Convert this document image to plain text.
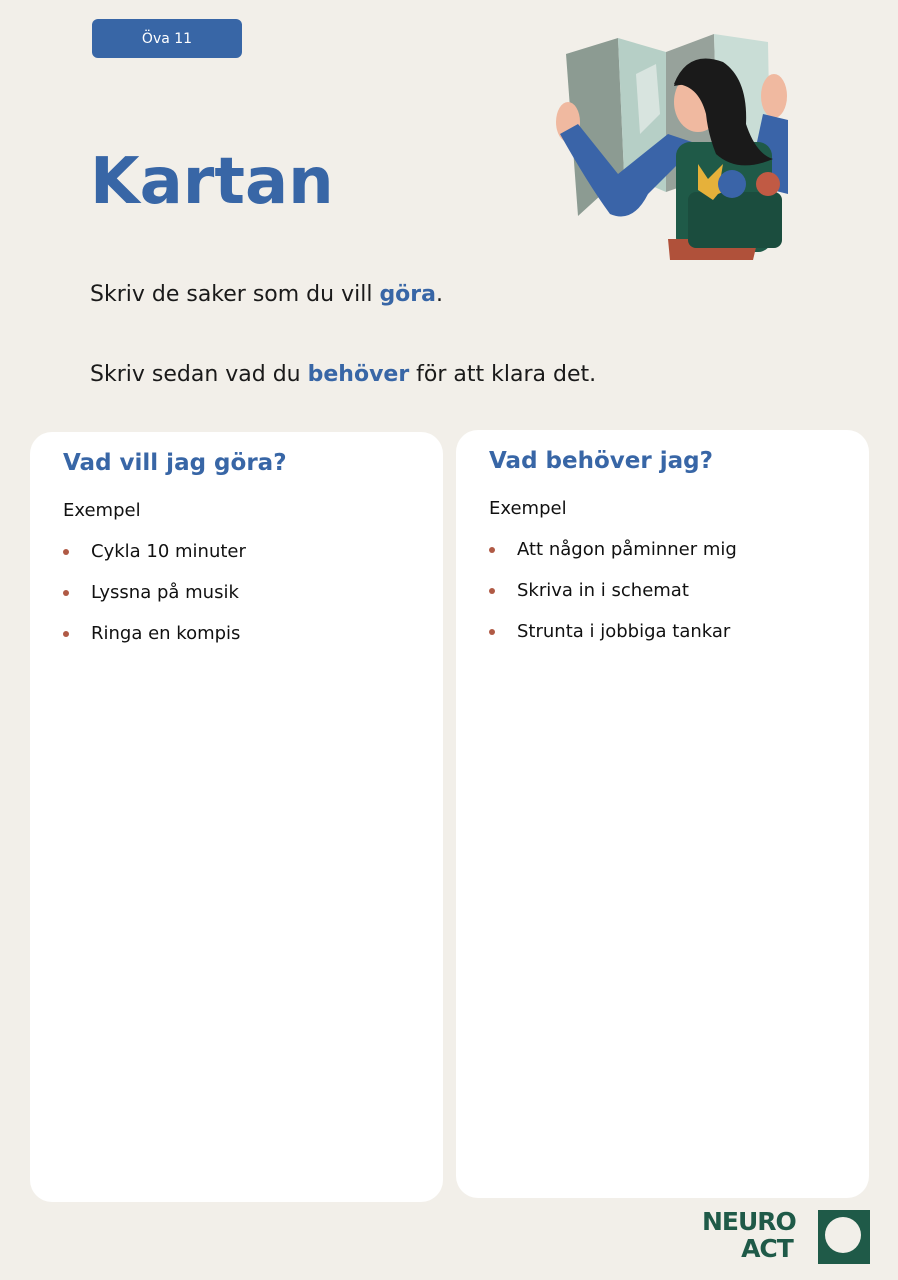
Öva 11
Kartan

Skriv de saker som du vill göra.

Skriv sedan vad du behöver för att klara det.

Vad vill jag göra?
Exempel
Cykla 10 minuter
Lyssna på musik
Ringa en kompis
Vad behöver jag?
Exempel
Att någon påminner mig
Skriva in i schemat
Strunta i jobbiga tankar
NEURO
ACT
